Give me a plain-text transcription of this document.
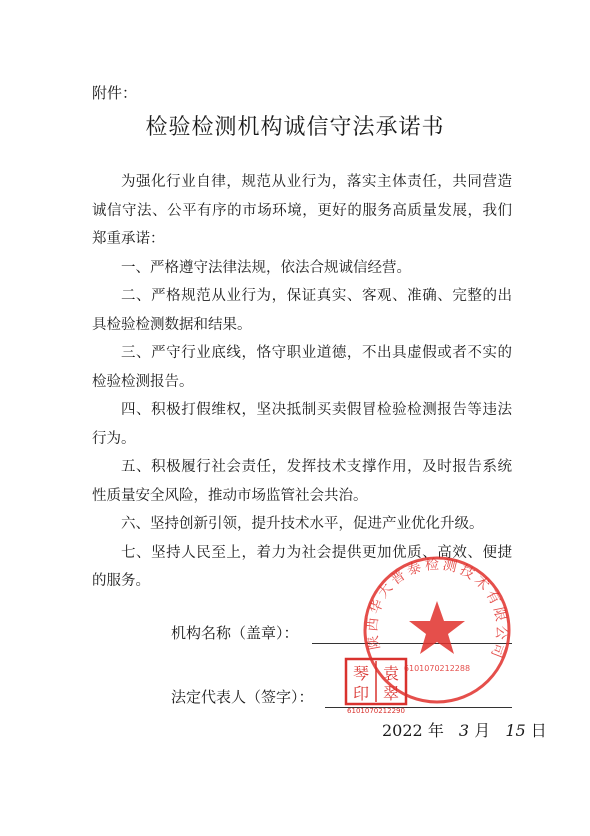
附件：
检验检测机构诚信守法承诺书

为强化行业自律，规范从业行为，落实主体责任，共同营造诚信守法、公平有序的市场环境，更好的服务高质量发展，我们郑重承诺：

一、严格遵守法律法规，依法合规诚信经营。

二、严格规范从业行为，保证真实、客观、准确、完整的出具检验检测数据和结果。

三、严守行业底线，恪守职业道德，不出具虚假或者不实的检验检测报告。

四、积极打假维权，坚决抵制买卖假冒检验检测报告等违法行为。

五、积极履行社会责任，发挥技术支撑作用，及时报告系统性质量安全风险，推动市场监管社会共治。

六、坚持创新引领，提升技术水平，促进产业优化升级。

七、坚持人民至上，着力为社会提供更加优质、高效、便捷的服务。

机构名称（盖章）：
法定代表人（签字）：
陕西华大普泰检测技术有限公司
6101070212288
袁
琴
印 翠
6101070212290
2022 年 3 月 15 日
